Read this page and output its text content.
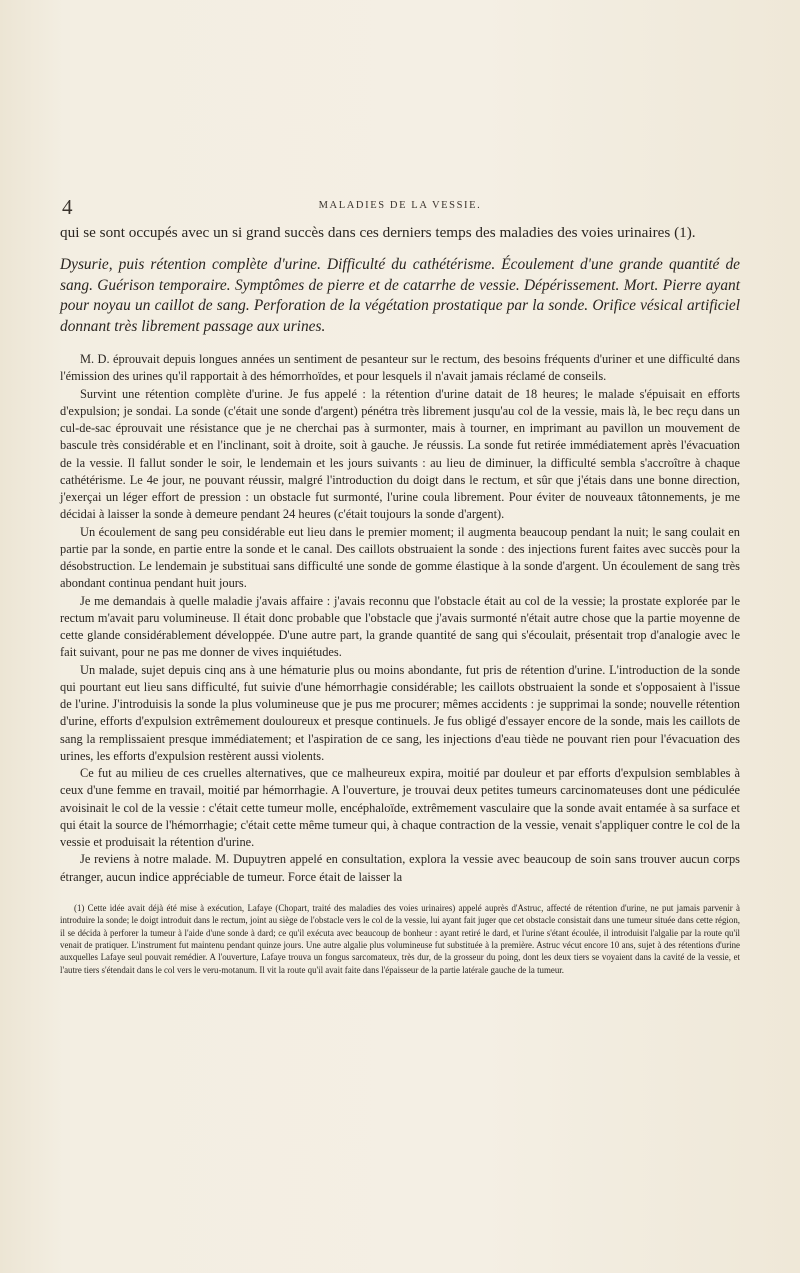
4	MALADIES DE LA VESSIE.

qui se sont occupés avec un si grand succès dans ces derniers temps des maladies des voies urinaires (1).

Dysurie, puis rétention complète d'urine. Difficulté du cathétérisme. Écoulement d'une grande quantité de sang. Guérison temporaire. Symptômes de pierre et de catarrhe de vessie. Dépérissement. Mort. Pierre ayant pour noyau un caillot de sang. Perforation de la végétation prostatique par la sonde. Orifice vésical artificiel donnant très librement passage aux urines.

M. D. éprouvait depuis longues années un sentiment de pesanteur sur le rectum, des besoins fréquents d'uriner et une difficulté dans l'émission des urines qu'il rapportait à des hémorrhoïdes, et pour lesquels il n'avait jamais réclamé de conseils.

Survint une rétention complète d'urine. Je fus appelé : la rétention d'urine datait de 18 heures; le malade s'épuisait en efforts d'expulsion; je sondai. La sonde (c'était une sonde d'argent) pénétra très librement jusqu'au col de la vessie, mais là, le bec reçu dans un cul-de-sac éprouvait une résistance que je ne cherchai pas à surmonter, mais à tourner, en imprimant au pavillon un mouvement de bascule très considérable et en l'inclinant, soit à droite, soit à gauche. Je réussis. La sonde fut retirée immédiatement après l'évacuation de la vessie. Il fallut sonder le soir, le lendemain et les jours suivants : au lieu de diminuer, la difficulté sembla s'accroître à chaque cathétérisme. Le 4e jour, ne pouvant réussir, malgré l'introduction du doigt dans le rectum, et sûr que j'étais dans une bonne direction, j'exerçai un léger effort de pression : un obstacle fut surmonté, l'urine coula librement. Pour éviter de nouveaux tâtonnements, je me décidai à laisser la sonde à demeure pendant 24 heures (c'était toujours la sonde d'argent).

Un écoulement de sang peu considérable eut lieu dans le premier moment; il augmenta beaucoup pendant la nuit; le sang coulait en partie par la sonde, en partie entre la sonde et le canal. Des caillots obstruaient la sonde : des injections furent faites avec succès pour la désobstruction. Le lendemain je substituai sans difficulté une sonde de gomme élastique à la sonde d'argent. Un écoulement de sang très abondant continua pendant huit jours.

Je me demandais à quelle maladie j'avais affaire : j'avais reconnu que l'obstacle était au col de la vessie; la prostate explorée par le rectum m'avait paru volumineuse. Il était donc probable que l'obstacle que j'avais surmonté n'était autre chose que la partie moyenne de cette glande considérablement développée. D'une autre part, la grande quantité de sang qui s'écoulait, présentait trop d'analogie avec le fait suivant, pour ne pas me donner de vives inquiétudes.

Un malade, sujet depuis cinq ans à une hématurie plus ou moins abondante, fut pris de rétention d'urine. L'introduction de la sonde qui pourtant eut lieu sans difficulté, fut suivie d'une hémorrhagie considérable; les caillots obstruaient la sonde et s'opposaient à l'issue de l'urine. J'introduisis la sonde la plus volumineuse que je pus me procurer; mêmes accidents : je supprimai la sonde; nouvelle rétention d'urine, efforts d'expulsion extrêmement douloureux et presque continuels. Je fus obligé d'essayer encore de la sonde, mais les caillots de sang la remplissaient presque immédiatement; et l'aspiration de ce sang, les injections d'eau tiède ne pouvant rien pour l'évacuation des urines, les efforts d'expulsion restèrent aussi violents.

Ce fut au milieu de ces cruelles alternatives, que ce malheureux expira, moitié par douleur et par efforts d'expulsion semblables à ceux d'une femme en travail, moitié par hémorrhagie. A l'ouverture, je trouvai deux petites tumeurs carcinomateuses dont une pédiculée avoisinait le col de la vessie : c'était cette tumeur molle, encéphaloïde, extrêmement vasculaire que la sonde avait entamée à sa surface et qui était la source de l'hémorrhagie; c'était cette même tumeur qui, à chaque contraction de la vessie, venait s'appliquer contre le col de la vessie et produisait la rétention d'urine.

Je reviens à notre malade. M. Dupuytren appelé en consultation, explora la vessie avec beaucoup de soin sans trouver aucun corps étranger, aucun indice appréciable de tumeur. Force était de laisser la

(1) Cette idée avait déjà été mise à exécution, Lafaye (Chopart, traité des maladies des voies urinaires) appelé auprès d'Astruc, affecté de rétention d'urine, ne put jamais parvenir à introduire la sonde; le doigt introduit dans le rectum, joint au siège de l'obstacle vers le col de la vessie, lui ayant fait juger que cet obstacle consistait dans une tumeur située dans cette région, il se décida à perforer la tumeur à l'aide d'une sonde à dard; ce qu'il exécuta avec beaucoup de bonheur : ayant retiré le dard, et l'urine s'étant écoulée, il introduisit l'algalie par la route qu'il venait de pratiquer. L'instrument fut maintenu pendant quinze jours. Une autre algalie plus volumineuse fut substituée à la première. Astruc vécut encore 10 ans, sujet à des rétentions d'urine auxquelles Lafaye seul pouvait remédier. A l'ouverture, Lafaye trouva un fongus sarcomateux, très dur, de la grosseur du poing, dont les deux tiers se voyaient dans la cavité de la vessie, et l'autre tiers s'étendait dans le col vers le veru-motanum. Il vit la route qu'il avait faite dans l'épaisseur de la partie latérale gauche de la tumeur.
